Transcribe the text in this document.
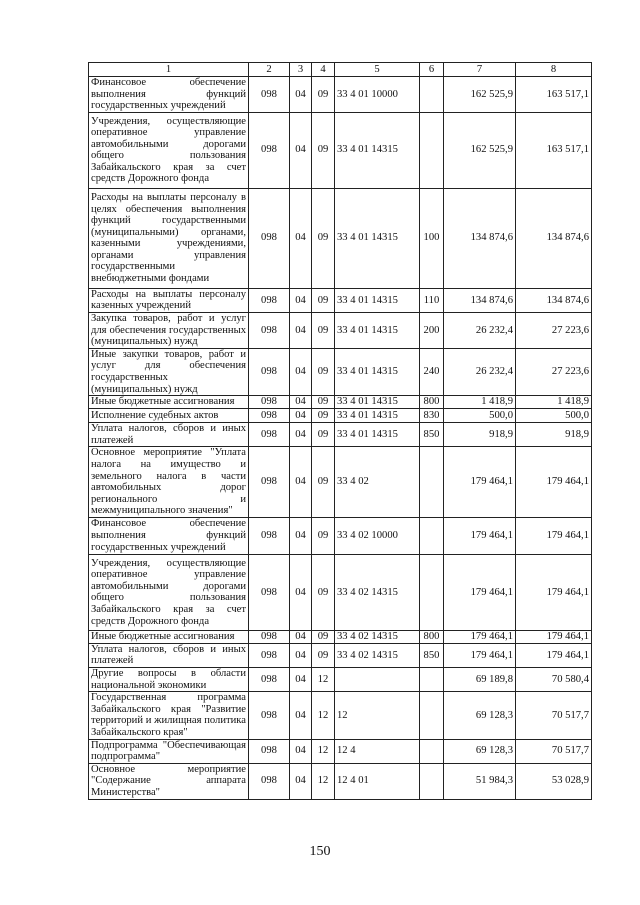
1	2	3	4	5	6	7	8
Финансовое обеспечение выполнения функций государственных учреждений	098	04	09	33 4 01 10000		162 525,9	163 517,1
Учреждения, осуществляющие оперативное управление автомобильными дорогами общего пользования Забайкальского края за счет средств Дорожного фонда	098	04	09	33 4 01 14315		162 525,9	163 517,1
Расходы на выплаты персоналу в целях обеспечения выполнения функций государственными (муниципальными) органами, казенными учреждениями, органами управления государственными внебюджетными фондами	098	04	09	33 4 01 14315	100	134 874,6	134 874,6
Расходы на выплаты персоналу казенных учреждений	098	04	09	33 4 01 14315	110	134 874,6	134 874,6
Закупка товаров, работ и услуг для обеспечения государственных (муниципальных) нужд	098	04	09	33 4 01 14315	200	26 232,4	27 223,6
Иные закупки товаров, работ и услуг для обеспечения государственных (муниципальных) нужд	098	04	09	33 4 01 14315	240	26 232,4	27 223,6
Иные бюджетные ассигнования	098	04	09	33 4 01 14315	800	1 418,9	1 418,9
Исполнение судебных актов	098	04	09	33 4 01 14315	830	500,0	500,0
Уплата налогов, сборов и иных платежей	098	04	09	33 4 01 14315	850	918,9	918,9
Основное мероприятие "Уплата налога на имущество и земельного налога в части автомобильных дорог регионального и межмуниципального значения"	098	04	09	33 4 02		179 464,1	179 464,1
Финансовое обеспечение выполнения функций государственных учреждений	098	04	09	33 4 02 10000		179 464,1	179 464,1
Учреждения, осуществляющие оперативное управление автомобильными дорогами общего пользования Забайкальского края за счет средств Дорожного фонда	098	04	09	33 4 02 14315		179 464,1	179 464,1
Иные бюджетные ассигнования	098	04	09	33 4 02 14315	800	179 464,1	179 464,1
Уплата налогов, сборов и иных платежей	098	04	09	33 4 02 14315	850	179 464,1	179 464,1
Другие вопросы в области национальной экономики	098	04	12			69 189,8	70 580,4
Государственная программа Забайкальского края "Развитие территорий и жилищная политика Забайкальского края"	098	04	12	12		69 128,3	70 517,7
Подпрограмма "Обеспечивающая подпрограмма"	098	04	12	12 4		69 128,3	70 517,7
Основное мероприятие "Содержание аппарата Министерства"	098	04	12	12 4 01		51 984,3	53 028,9
150
